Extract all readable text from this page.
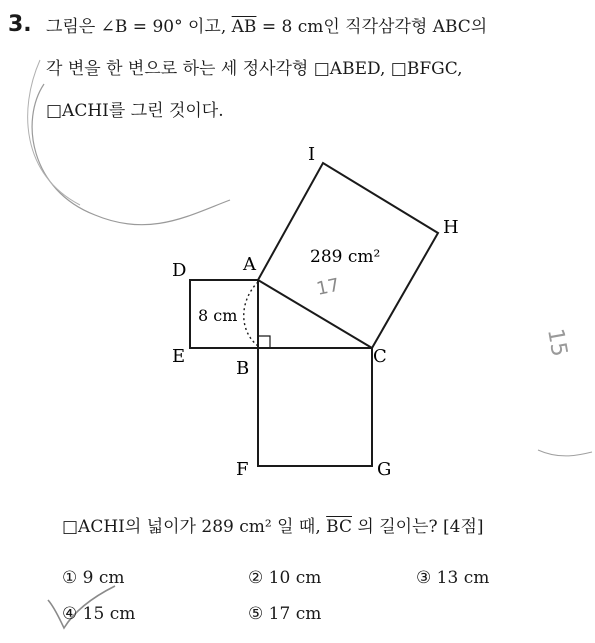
3. 그림은 ∠B = 90° 이고, $\overline{AB} = 8$ cm인 직각삼각형 ABC의
각 변을 한 변으로 하는 세 정사각형 □ABED, □BFGC,
□ACHI를 그린 것이다.
I
H
D	A
E
B
C
F	G
289 cm²
8 cm
17
15
□ACHI의 넓이가 289 cm² 일 때, $\overline{BC}$ 의 길이는? [4점]
① 9 cm	② 10 cm	③ 13 cm
④ 15 cm	⑤ 17 cm
